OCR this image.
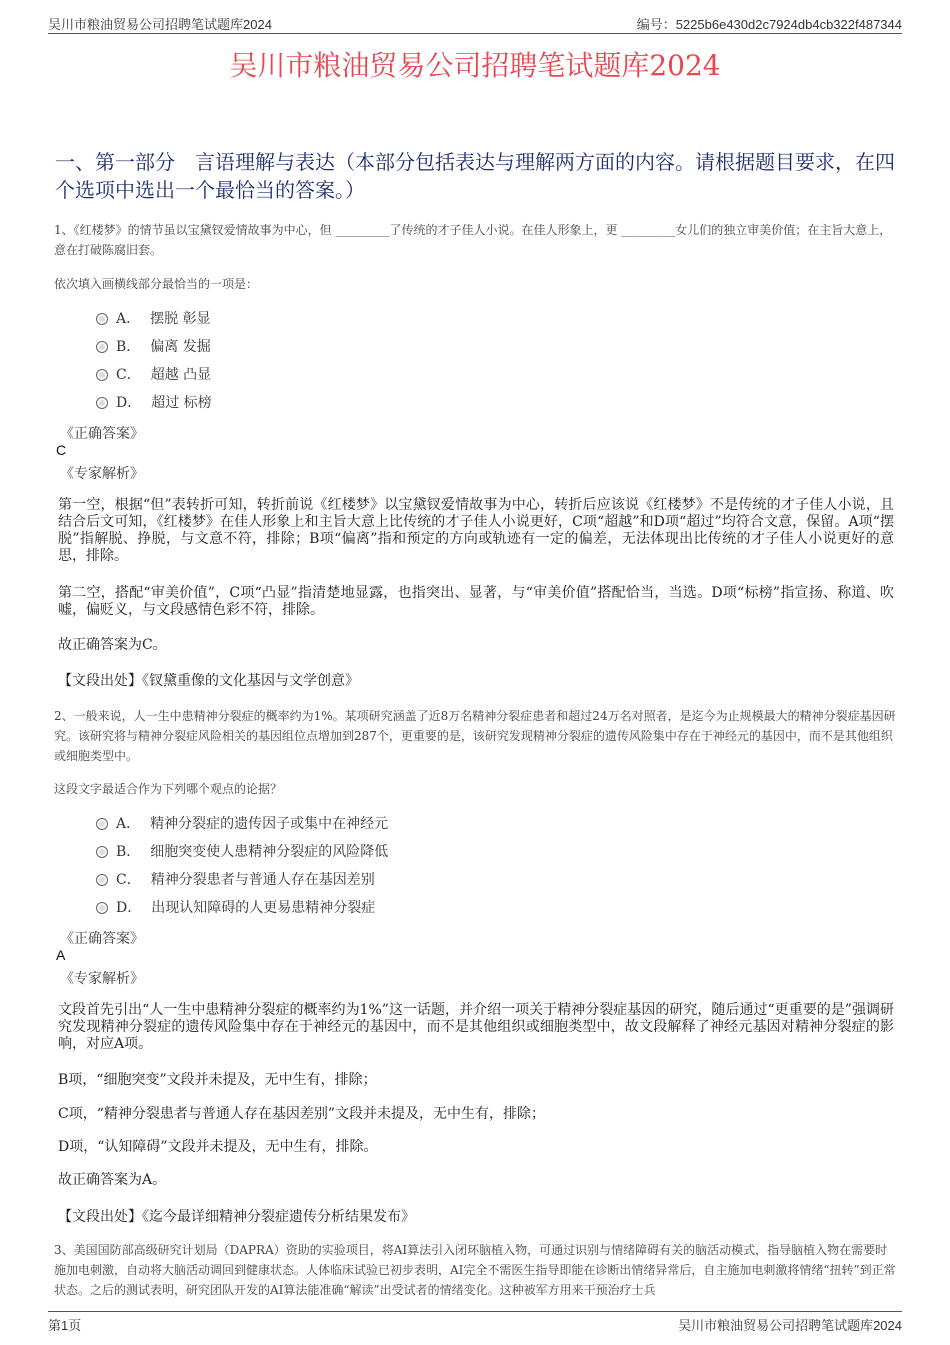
吴川市粮油贸易公司招聘笔试题库2024	编号：5225b6e430d2c7924db4cb322f487344
吴川市粮油贸易公司招聘笔试题库2024
一、第一部分　言语理解与表达（本部分包括表达与理解两方面的内容。请根据题目要求，在四个选项中选出一个最恰当的答案。）
1、《红楼梦》的情节虽以宝黛钗爱情故事为中心，但 _________了传统的才子佳人小说。在佳人形象上，更 _________女儿们的独立审美价值；在主旨大意上，意在打破陈腐旧套。
依次填入画横线部分最恰当的一项是：
A． 摆脱 彰显
B． 偏离 发掘
C． 超越 凸显
D． 超过 标榜
《正确答案》
C
《专家解析》
第一空，根据“但”表转折可知，转折前说《红楼梦》以宝黛钗爱情故事为中心，转折后应该说《红楼梦》不是传统的才子佳人小说，且结合后文可知，《红楼梦》在佳人形象上和主旨大意上比传统的才子佳人小说更好，C项“超越”和D项“超过”均符合文意，保留。A项“摆脱”指解脱、挣脱，与文意不符，排除；B项“偏离”指和预定的方向或轨迹有一定的偏差，无法体现出比传统的才子佳人小说更好的意思，排除。
第二空，搭配“审美价值”，C项“凸显”指清楚地显露，也指突出、显著，与“审美价值”搭配恰当，当选。D项“标榜”指宣扬、称道、吹嘘，偏贬义，与文段感情色彩不符，排除。
故正确答案为C。
【文段出处】《钗黛重像的文化基因与文学创意》
2、一般来说，人一生中患精神分裂症的概率约为1%。某项研究涵盖了近8万名精神分裂症患者和超过24万名对照者，是迄今为止规模最大的精神分裂症基因研究。该研究将与精神分裂症风险相关的基因组位点增加到287个，更重要的是，该研究发现精神分裂症的遗传风险集中存在于神经元的基因中，而不是其他组织或细胞类型中。
这段文字最适合作为下列哪个观点的论据？
A． 精神分裂症的遗传因子或集中在神经元
B． 细胞突变使人患精神分裂症的风险降低
C． 精神分裂患者与普通人存在基因差别
D． 出现认知障碍的人更易患精神分裂症
《正确答案》
A
《专家解析》
文段首先引出“人一生中患精神分裂症的概率约为1%”这一话题，并介绍一项关于精神分裂症基因的研究，随后通过“更重要的是”强调研究发现精神分裂症的遗传风险集中存在于神经元的基因中，而不是其他组织或细胞类型中，故文段解释了神经元基因对精神分裂症的影响，对应A项。
B项，“细胞突变”文段并未提及，无中生有，排除；
C项，“精神分裂患者与普通人存在基因差别”文段并未提及，无中生有，排除；
D项，“认知障碍”文段并未提及，无中生有，排除。
故正确答案为A。
【文段出处】《迄今最详细精神分裂症遗传分析结果发布》
3、美国国防部高级研究计划局（DAPRA）资助的实验项目，将AI算法引入闭环脑植入物，可通过识别与情绪障碍有关的脑活动模式，指导脑植入物在需要时施加电刺激，自动将大脑活动调回到健康状态。人体临床试验已初步表明，AI完全不需医生指导即能在诊断出情绪异常后，自主施加电刺激将情绪“扭转”到正常状态。之后的测试表明，研究团队开发的AI算法能准确“解读”出受试者的情绪变化。这种被军方用来干预治疗士兵
第1页	吴川市粮油贸易公司招聘笔试题库2024
